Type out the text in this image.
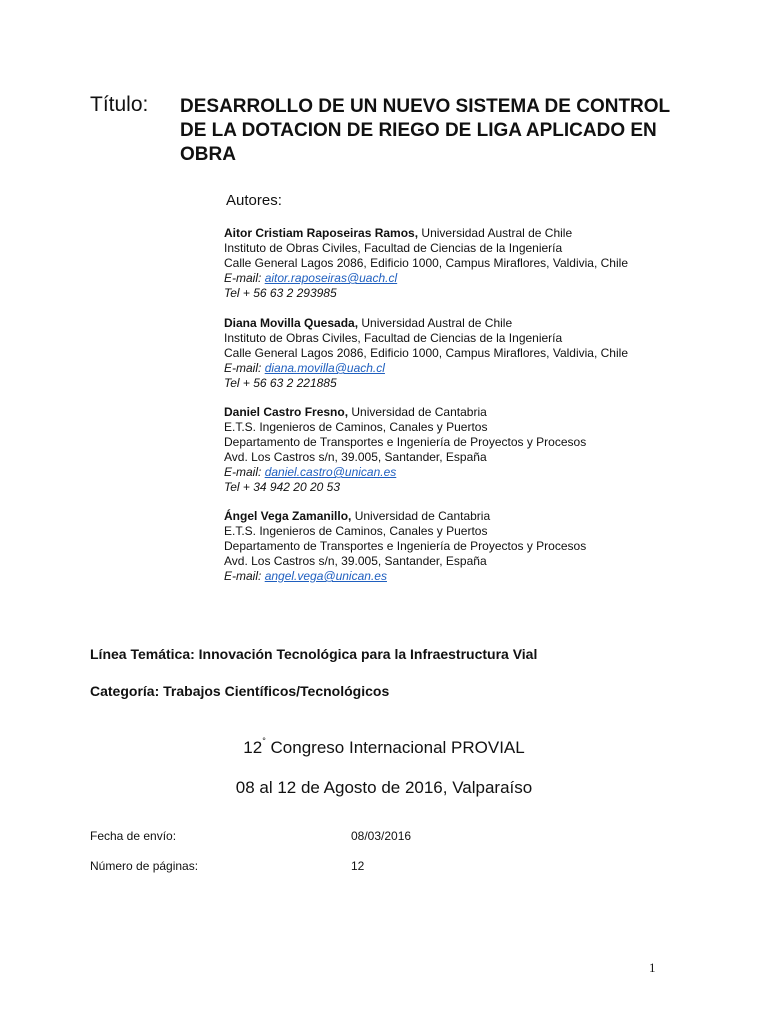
Título: DESARROLLO DE UN NUEVO SISTEMA DE CONTROL DE LA DOTACION DE RIEGO DE LIGA APLICADO EN OBRA
Autores:
Aitor Cristiam Raposeiras Ramos, Universidad Austral de Chile
Instituto de Obras Civiles, Facultad de Ciencias de la Ingeniería
Calle General Lagos 2086, Edificio 1000, Campus Miraflores, Valdivia, Chile
E-mail: aitor.raposeiras@uach.cl
Tel + 56 63 2 293985
Diana Movilla Quesada, Universidad Austral de Chile
Instituto de Obras Civiles, Facultad de Ciencias de la Ingeniería
Calle General Lagos 2086, Edificio 1000, Campus Miraflores, Valdivia, Chile
E-mail: diana.movilla@uach.cl
Tel + 56 63 2 221885
Daniel Castro Fresno, Universidad de Cantabria
E.T.S. Ingenieros de Caminos, Canales y Puertos
Departamento de Transportes e Ingeniería de Proyectos y Procesos
Avd. Los Castros s/n, 39.005, Santander, España
E-mail: daniel.castro@unican.es
Tel + 34 942 20 20 53
Ángel Vega Zamanillo, Universidad de Cantabria
E.T.S. Ingenieros de Caminos, Canales y Puertos
Departamento de Transportes e Ingeniería de Proyectos y Procesos
Avd. Los Castros s/n, 39.005, Santander, España
E-mail: angel.vega@unican.es
Línea Temática: Innovación Tecnológica para la Infraestructura Vial
Categoría: Trabajos Científicos/Tecnológicos
12° Congreso Internacional PROVIAL
08 al 12 de Agosto de 2016, Valparaíso
Fecha de envío:	08/03/2016
Número de páginas:	12
1
